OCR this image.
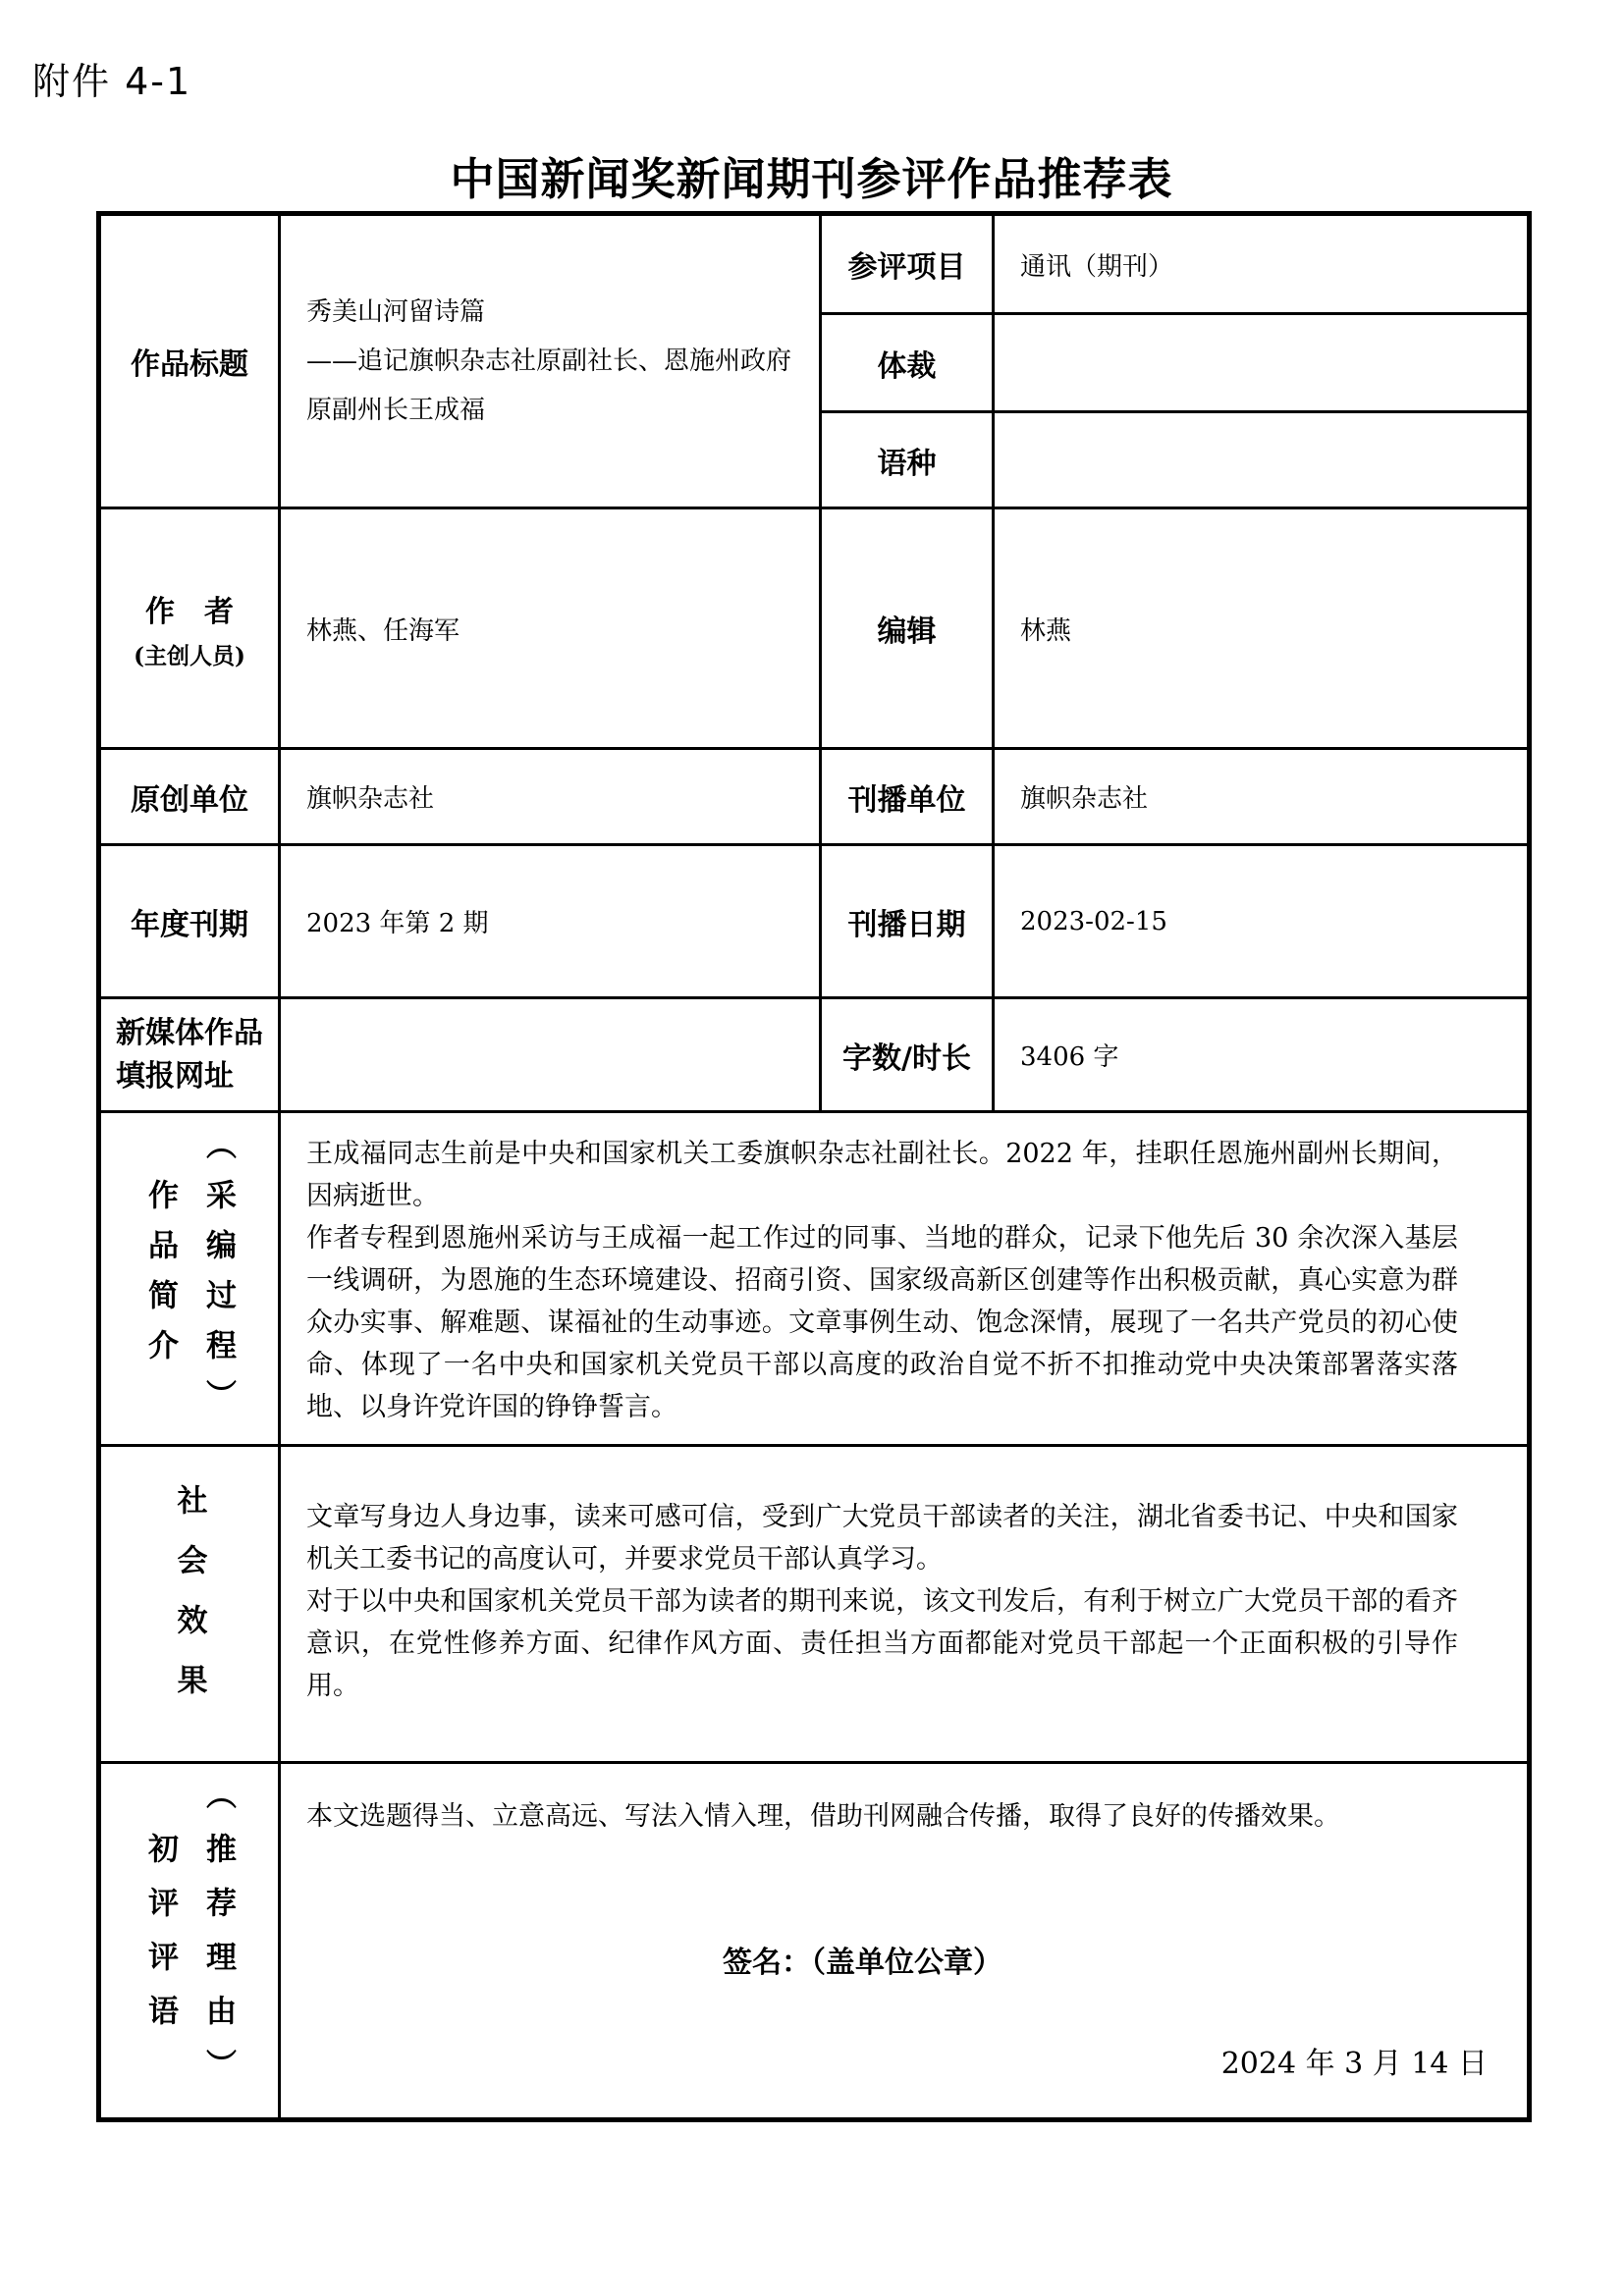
附件 4-1
中国新闻奖新闻期刊参评作品推荐表
作品标题	秀美山河留诗篇
——追记旗帜杂志社原副社长、恩施州政府原副州长王成福	参评项目	通讯（期刊）
		体裁	
		语种	

作　者
(主创人员)	林燕、任海军	编辑	林燕
原创单位	旗帜杂志社	刊播单位	旗帜杂志社
年度刊期	2023 年第 2 期	刊播日期	2023-02-15
新媒体作品
填报网址		字数/时长	3406 字
作品简介 （采编过程）	王成福同志生前是中央和国家机关工委旗帜杂志社副社长。2022 年，挂职任恩施州副州长期间，因病逝世。

作者专程到恩施州采访与王成福一起工作过的同事、当地的群众，记录下他先后 30 余次深入基层一线调研，为恩施的生态环境建设、招商引资、国家级高新区创建等作出积极贡献，真心实意为群众办实事、解难题、谋福祉的生动事迹。文章事例生动、饱念深情，展现了一名共产党员的初心使命、体现了一名中央和国家机关党员干部以高度的政治自觉不折不扣推动党中央决策部署落实落地、以身许党许国的铮铮誓言。		

社会效果	文章写身边人身边事，读来可感可信，受到广大党员干部读者的关注，湖北省委书记、中央和国家机关工委书记的高度认可，并要求党员干部认真学习。

对于以中央和国家机关党员干部为读者的期刊来说，该文刊发后，有利于树立广大党员干部的看齐意识，在党性修养方面、纪律作风方面、责任担当方面都能对党员干部起一个正面积极的引导作用。		

初评评语 （推荐理由）	本文选题得当、立意高远、写法入情入理，借助刊网融合传播，取得了良好的传播效果。

签名：（盖单位公章）
2024 年 3 月 14 日		
